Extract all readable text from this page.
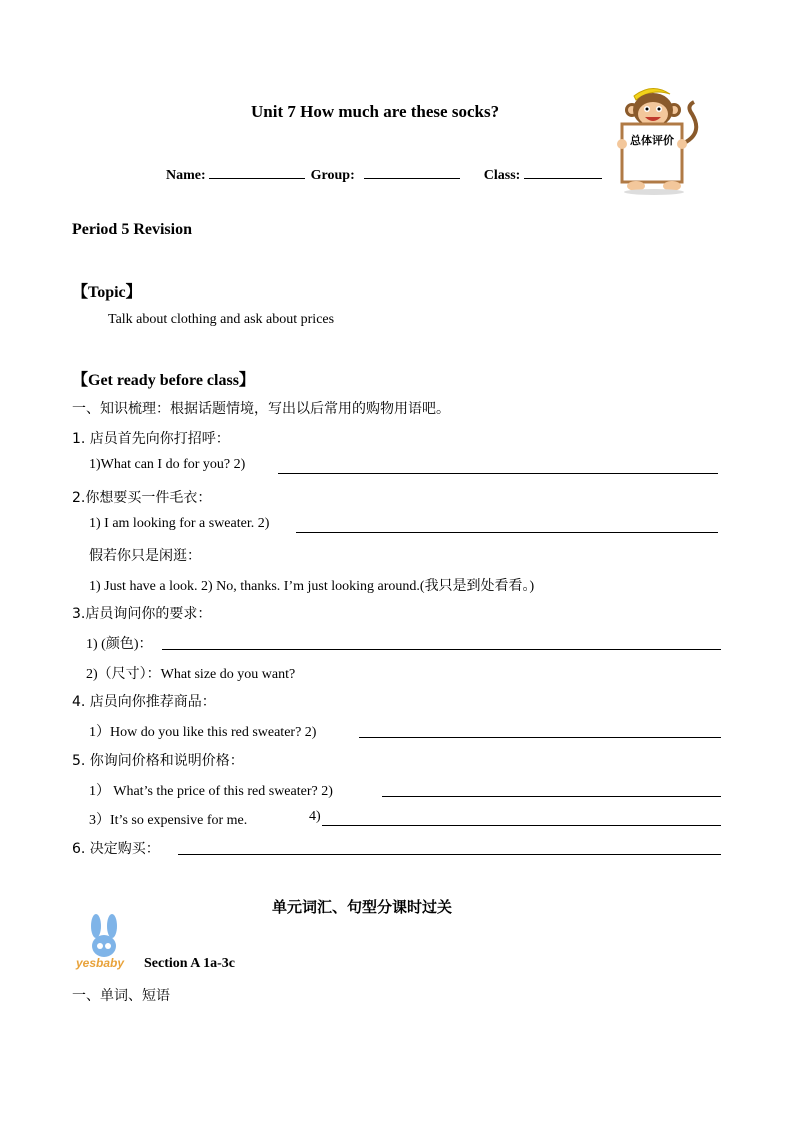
Unit 7 How much are these socks?
Name:	Group:	Class:
总体评价
Period 5 Revision
【Topic】
Talk about clothing and ask about prices
【Get ready before class】
一、知识梳理：根据话题情境，写出以后常用的购物用语吧。
1. 店员首先向你打招呼：
1)What can I do for you? 2)
2.你想要买一件毛衣：
1) I am looking for a sweater. 2)
假若你只是闲逛：
1) Just have a look. 2) No, thanks. I’m just looking around.(我只是到处看看。)
3.店员询问你的要求：
1) (颜色)：
2)（尺寸）：What size do you want?
4. 店员向你推荐商品：
1）How do you like this red sweater? 2)
5. 你询问价格和说明价格：
1） What’s the price of this red sweater? 2)
3）It’s so expensive for me.	4)
6. 决定购买：
单元词汇、句型分课时过关
yesbaby Section A 1a-3c
一、单词、短语
